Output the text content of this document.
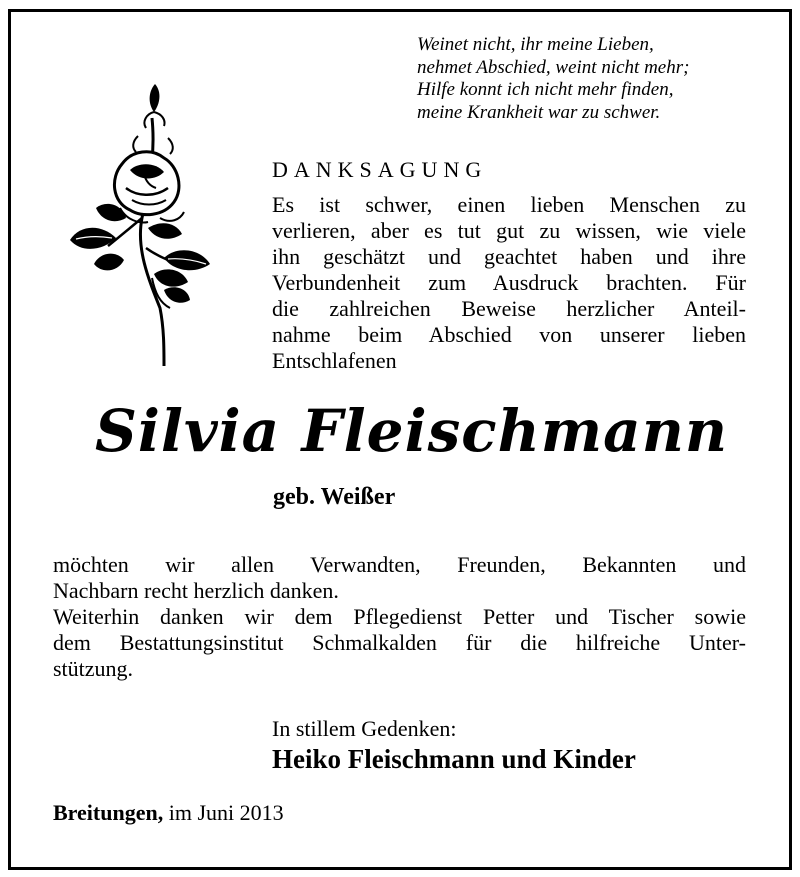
Weinet nicht, ihr meine Lieben,
nehmet Abschied, weint nicht mehr;
Hilfe konnt ich nicht mehr finden,
meine Krankheit war zu schwer.
DANKSAGUNG
Es ist schwer, einen lieben Menschen zu
verlieren, aber es tut gut zu wissen, wie viele
ihn geschätzt und geachtet haben und ihre
Verbundenheit zum Ausdruck brachten. Für
die zahlreichen Beweise herzlicher Anteil-
nahme beim Abschied von unserer lieben
Entschlafenen
Silvia Fleischmann
geb. Weißer
möchten wir allen Verwandten, Freunden, Bekannten und
Nachbarn recht herzlich danken.
Weiterhin danken wir dem Pflegedienst Petter und Tischer sowie
dem Bestattungsinstitut Schmalkalden für die hilfreiche Unter-
stützung.
In stillem Gedenken:
Heiko Fleischmann und Kinder
Breitungen, im Juni 2013
